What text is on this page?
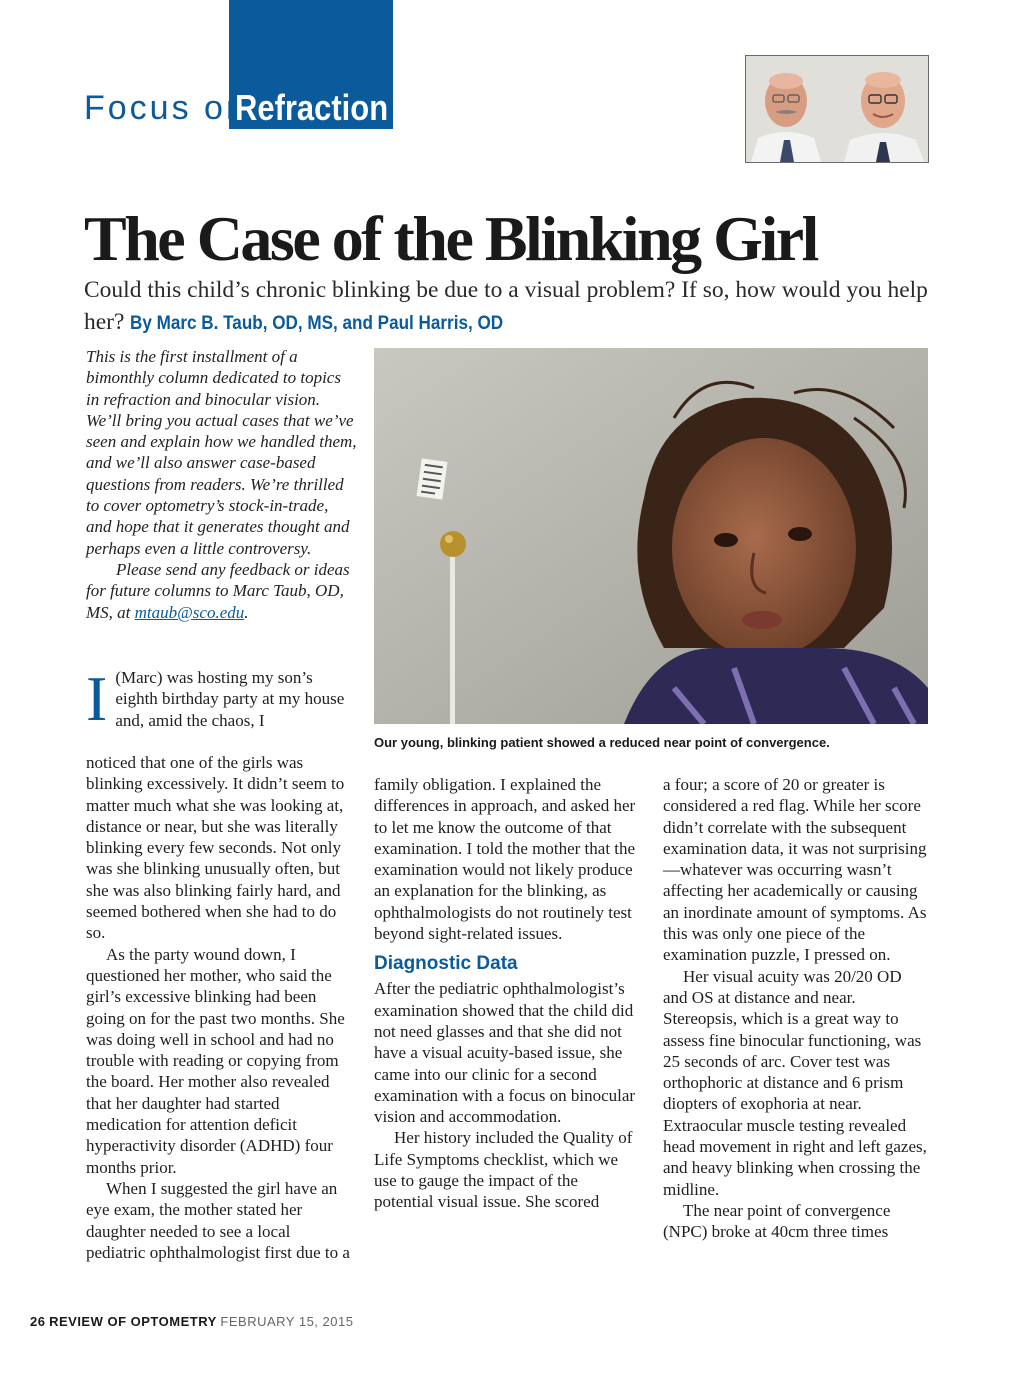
Focus on
Refraction
The Case of the Blinking Girl
Could this child’s chronic blinking be due to a visual problem? If so, how would you help her? By Marc B. Taub, OD, MS, and Paul Harris, OD

This is the first installment of a bimonthly column dedicated to topics in refraction and binocular vision. We’ll bring you actual cases that we’ve seen and explain how we handled them, and we’ll also answer case-based questions from readers. We’re thrilled to cover optometry’s stock-in-trade, and hope that it generates thought and perhaps even a little controversy.

Please send any feedback or ideas for future columns to Marc Taub, OD, MS, at mtaub@sco.edu.

Our young, blinking patient showed a reduced near point of convergence.
I (Marc) was hosting my son’s eighth birthday party at my house and, amid the chaos, I

noticed that one of the girls was blinking excessively. It didn’t seem to matter much what she was looking at, distance or near, but she was literally blinking every few seconds. Not only was she blinking unusually often, but she was also blinking fairly hard, and seemed bothered when she had to do so.

As the party wound down, I questioned her mother, who said the girl’s excessive blinking had been going on for the past two months. She was doing well in school and had no trouble with reading or copying from the board. Her mother also revealed that her daughter had started medication for attention deficit hyperactivity disorder (ADHD) four months prior.

When I suggested the girl have an eye exam, the mother stated her daughter needed to see a local pediatric ophthalmologist first due to a

family obligation. I explained the differences in approach, and asked her to let me know the outcome of that examination. I told the mother that the examination would not likely produce an explanation for the blinking, as ophthalmologists do not routinely test beyond sight-related issues.

Diagnostic Data

After the pediatric ophthalmologist’s examination showed that the child did not need glasses and that she did not have a visual acuity-based issue, she came into our clinic for a second examination with a focus on binocular vision and accommodation.

Her history included the Quality of Life Symptoms checklist, which we use to gauge the impact of the potential visual issue. She scored

a four; a score of 20 or greater is considered a red flag. While her score didn’t correlate with the subsequent examination data, it was not surprising—whatever was occurring wasn’t affecting her academically or causing an inordinate amount of symptoms. As this was only one piece of the examination puzzle, I pressed on.

Her visual acuity was 20/20 OD and OS at distance and near. Stereopsis, which is a great way to assess fine binocular functioning, was 25 seconds of arc. Cover test was orthophoric at distance and 6 prism diopters of exophoria at near. Extraocular muscle testing revealed head movement in right and left gazes, and heavy blinking when crossing the midline.

The near point of convergence (NPC) broke at 40cm three times

26 REVIEW OF OPTOMETRY FEBRUARY 15, 2015
